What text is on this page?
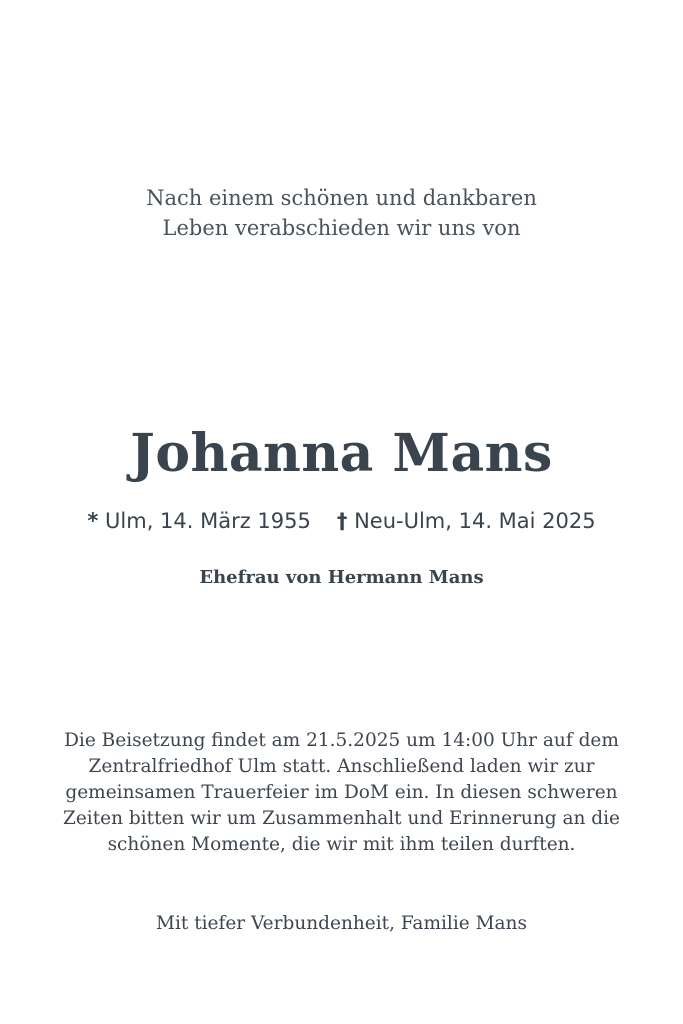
Nach einem schönen und dankbaren
Leben verabschieden wir uns von
Johanna Mans
* Ulm, 14. März 1955 † Neu-Ulm, 14. Mai 2025
Ehefrau von Hermann Mans
Die Beisetzung findet am 21.5.2025 um 14:00 Uhr auf dem Zentralfriedhof Ulm statt. Anschließend laden wir zur gemeinsamen Trauerfeier im DoM ein. In diesen schweren Zeiten bitten wir um Zusammenhalt und Erinnerung an die schönen Momente, die wir mit ihm teilen durften.
Mit tiefer Verbundenheit, Familie Mans
